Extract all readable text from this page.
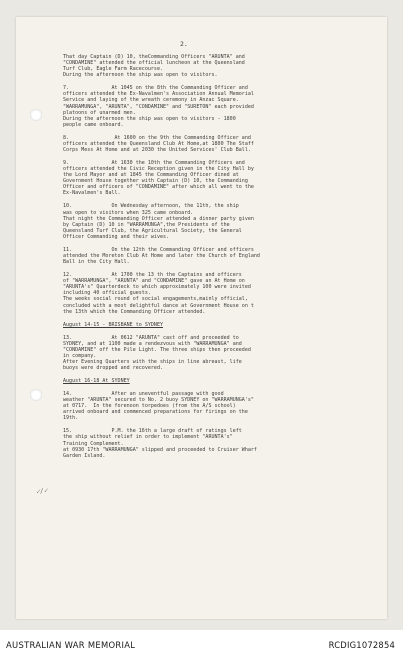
2.
✓/✓
That day Captain (D) 10, theCommanding Officers "ARUNTA" and
"CONDAMINE" attended the official luncheon at the Queensland
Turf Club, Eagle Farm Racecourse.
During the afternoon the ship was open to visitors.
7.              At 1045 on the 8th the Commanding Officer and
officers attended the Ex-Navalmen's Association Annual Memorial
Service and laying of the wreath ceremony in Anzac Square.
"WARRAMUNGA", "ARUNTA", "CONDAMINE" and "SURETON" each provided
platoons of unarmed men.
During the afternoon the ship was open to visitors - 1800
people came onboard.
8.               At 1600 on the 9th the Commanding Officer and
officers attended the Queensland Club At Home,at 1800 The Staff
Corps Mess At Home and at 2030 the United Services' Club Ball.
9.              At 1630 the 10th the Commanding Officers and
officers attended the Civic Reception given in the City Hall by
the Lord Mayor and at 1845 the Commanding Officer dined at
Government House together with Captain (D) 10, the Commanding
Officer and officers of "CONDAMINE" after which all went to the
Ex-Navalmen's Ball.
10.             On Wednesday afternoon, the 11th, the ship
was open to visitors when 325 came onboard.
That night the Commanding Officer attended a dinner party given
by Captain (D) 10 in "WARRAMUNGA",the Presidents of the
Queensland Turf Club, the Agricultural Society, the General
Officer Commanding and their wives.
11.             On the 12th the Commanding Officer and officers
attended the Moreton Club At Home and later the Church of England
Ball in the City Hall.
12.             At 1700 the 13 th the Captains and officers
of "WARRAMUNGA", "ARUNTA" and "CONDAMINE" gave an At Home on
"ARUNTA's" Quarterdeck to which approximately 100 were invited
including 40 official guests.
The weeks social round of social engagements,mainly official,
concluded with a most delightful dance at Government House on t
the 13th which the Commanding Officer attended.
August 14-15 - BRISBANE to SYDNEY
13.             At 0612 "ARUNTA" cast off and proceeded to
SYDNEY, and at 1100 made a rendezvous with "WARRAMUNGA" and
"CONDAMINE" off the Pile Light. The three ships then proceeded
in company.
After Evening Quarters with the ships in line abreast, life
buoys were dropped and recovered.
August 16-18 At SYDNEY
14.             After an uneventful passage with good
weather "ARUNTA" secured to No. 2 buoy SYDNEY on "WARRAMUNGA's"
at 0717.  In the forenoon torpedoes (from the A/S school)
arrived onboard and commenced preparations for firings on the
19th.
15.             P.M. the 16th a large draft of ratings left
the ship without relief in order to implement "ARUNTA's"
Training Complement.
at 0930 17th "WARRAMUNGA" slipped and proceeded to Cruiser Wharf
Garden Island.
AUSTRALIAN WAR MEMORIAL	RCDIG1072854
